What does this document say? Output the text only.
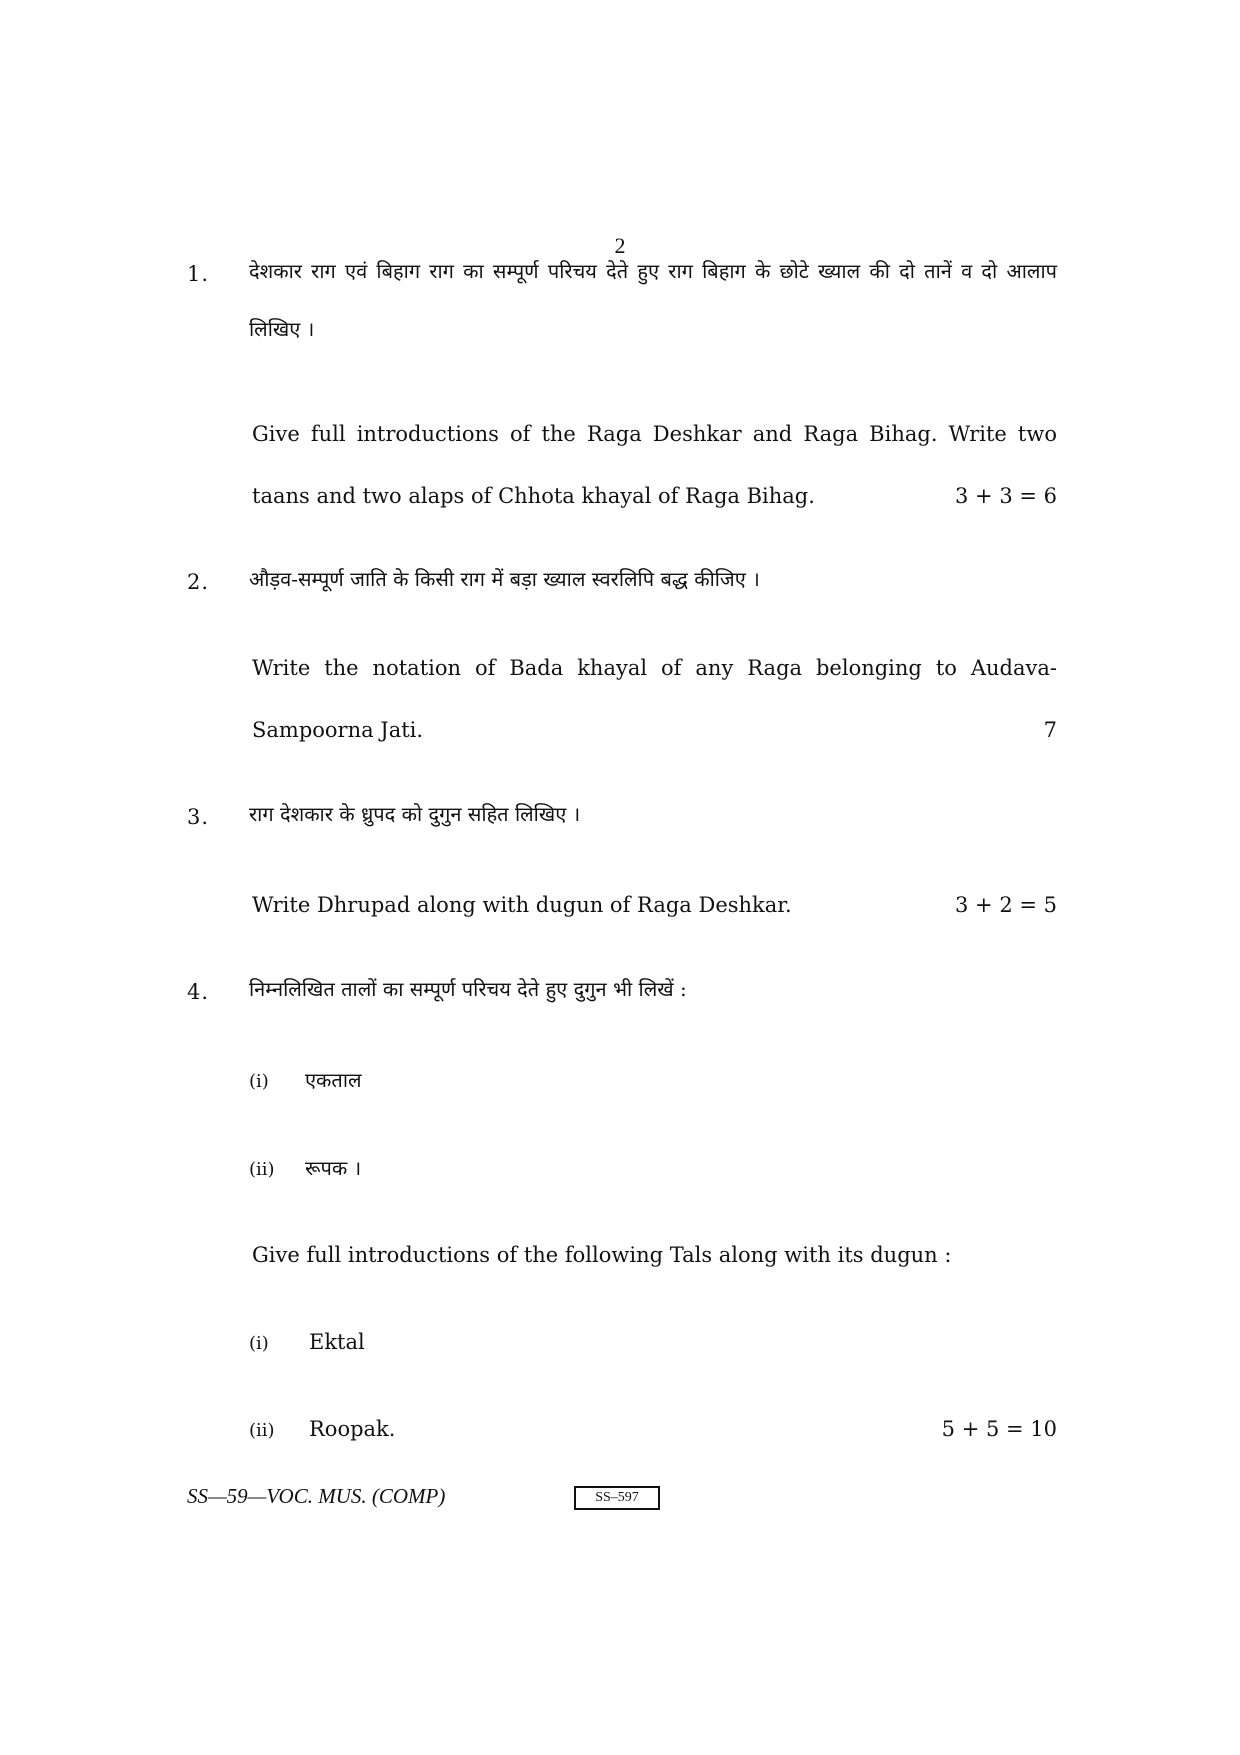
2
1.	देशकार राग एवं बिहाग राग का सम्पूर्ण परिचय देते हुए राग बिहाग के छोटे ख्याल की दो तानें व दो आलाप लिखिए ।
Give full introductions of the Raga Deshkar and Raga Bihag. Write two
taans and two alaps of Chhota khayal of Raga Bihag.	3 + 3 = 6
2.	औड़व-सम्पूर्ण जाति के किसी राग में बड़ा ख्याल स्वरलिपि बद्ध कीजिए ।
Write the notation of Bada khayal of any Raga belonging to Audava-
Sampoorna Jati.	7
3.	राग देशकार के ध्रुपद को दुगुन सहित लिखिए ।
Write Dhrupad along with dugun of Raga Deshkar.	3 + 2 = 5
4.	निम्नलिखित तालों का सम्पूर्ण परिचय देते हुए दुगुन भी लिखें :
(i) एकताल
(ii) रूपक ।
Give full introductions of the following Tals along with its dugun :
(i) Ektal
(ii) Roopak.	5 + 5 = 10
SS—59—VOC. MUS. (COMP)	SS–597
